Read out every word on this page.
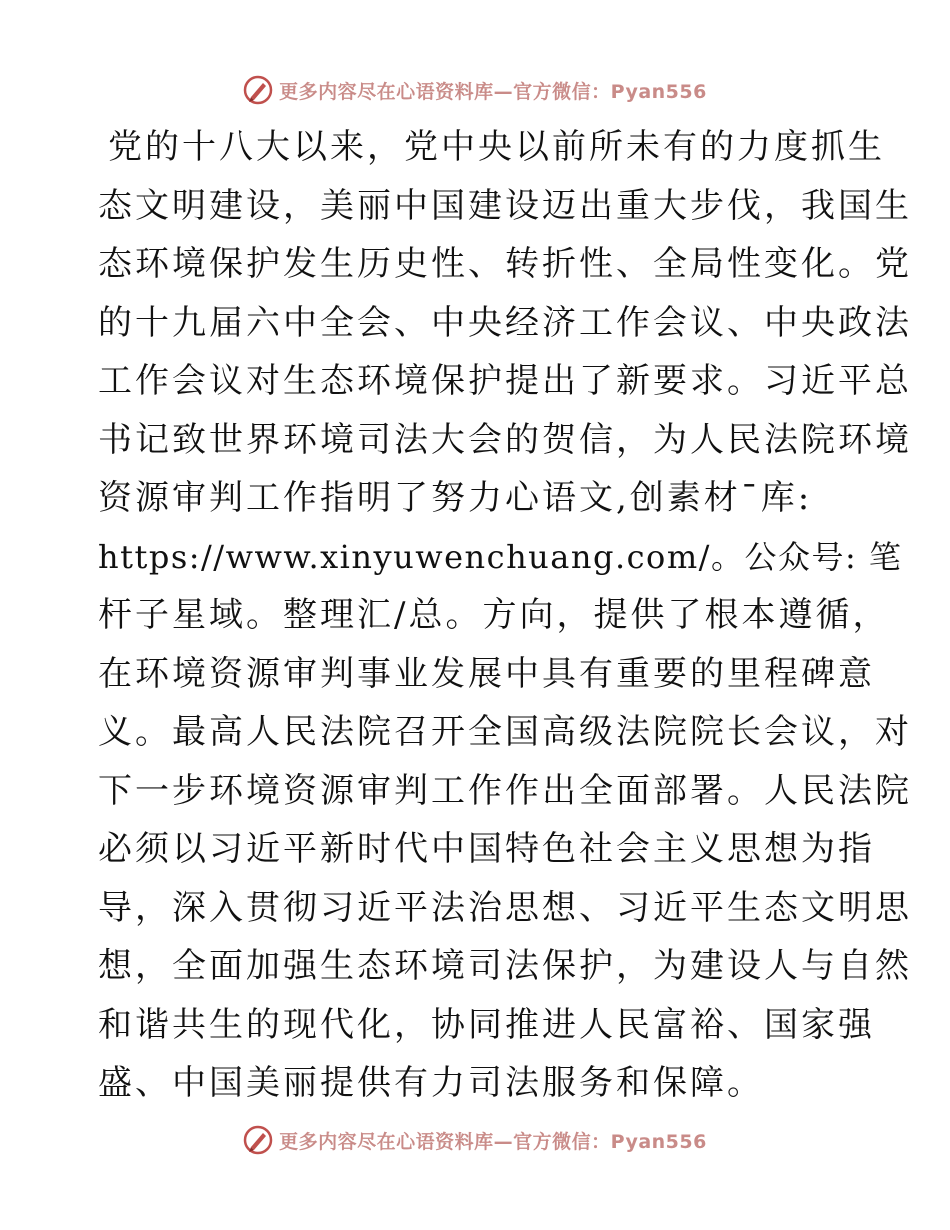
更多内容尽在心语资料库—官方微信：Pyan556
党的十八大以来，党中央以前所未有的力度抓生
态文明建设，美丽中国建设迈出重大步伐，我国生
态环境保护发生历史性、转折性、全局性变化。党
的十九届六中全会、中央经济工作会议、中央政法
工作会议对生态环境保护提出了新要求。习近平总
书记致世界环境司法大会的贺信，为人民法院环境
资源审判工作指明了努力心语文,创素材¯库:
https://www.xinyuwenchuang.com/。公众号: 笔
杆子星域。整理汇/总。方向，提供了根本遵循，
在环境资源审判事业发展中具有重要的里程碑意
义。最高人民法院召开全国高级法院院长会议，对
下一步环境资源审判工作作出全面部署。人民法院
必须以习近平新时代中国特色社会主义思想为指
导，深入贯彻习近平法治思想、习近平生态文明思
想，全面加强生态环境司法保护，为建设人与自然
和谐共生的现代化，协同推进人民富裕、国家强
盛、中国美丽提供有力司法服务和保障。
更多内容尽在心语资料库—官方微信：Pyan556
